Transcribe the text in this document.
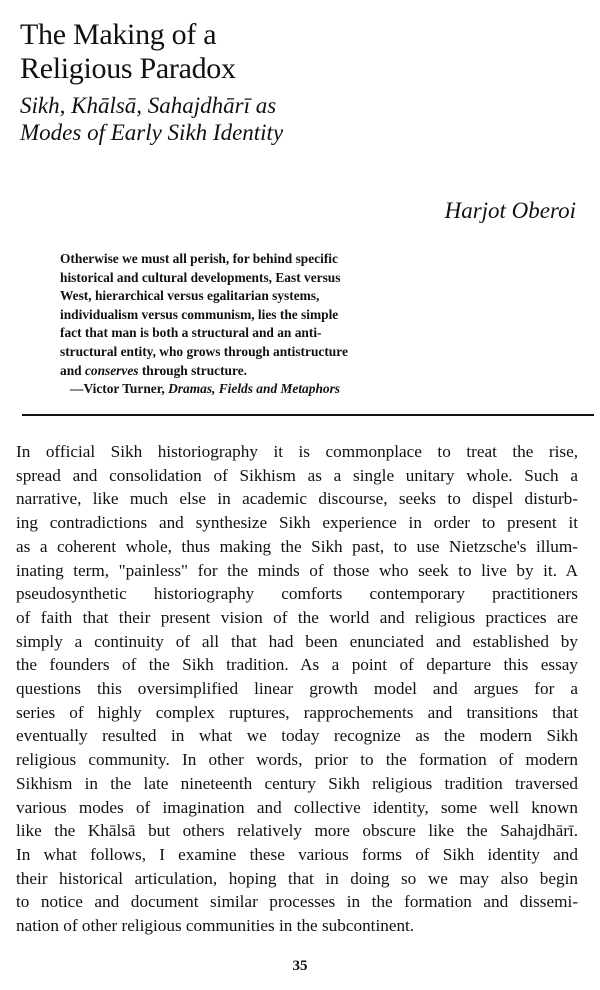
The Making of a
Religious Paradox
Sikh, Khālsā, Sahajdhārī as
Modes of Early Sikh Identity
Harjot Oberoi
Otherwise we must all perish, for behind specific
historical and cultural developments, East versus
West, hierarchical versus egalitarian systems,
individualism versus communism, lies the simple
fact that man is both a structural and an anti-
structural entity, who grows through antistructure
and conserves through structure.
—Victor Turner, Dramas, Fields and Metaphors
In official Sikh historiography it is commonplace to treat the rise,
spread and consolidation of Sikhism as a single unitary whole. Such a
narrative, like much else in academic discourse, seeks to dispel disturb-
ing contradictions and synthesize Sikh experience in order to present it
as a coherent whole, thus making the Sikh past, to use Nietzsche's illum-
inating term, "painless" for the minds of those who seek to live by it. A
pseudosynthetic historiography comforts contemporary practitioners
of faith that their present vision of the world and religious practices are
simply a continuity of all that had been enunciated and established by
the founders of the Sikh tradition. As a point of departure this essay
questions this oversimplified linear growth model and argues for a
series of highly complex ruptures, rapprochements and transitions that
eventually resulted in what we today recognize as the modern Sikh
religious community. In other words, prior to the formation of modern
Sikhism in the late nineteenth century Sikh religious tradition traversed
various modes of imagination and collective identity, some well known
like the Khālsā but others relatively more obscure like the Sahajdhārī.
In what follows, I examine these various forms of Sikh identity and
their historical articulation, hoping that in doing so we may also begin
to notice and document similar processes in the formation and dissemi-
nation of other religious communities in the subcontinent.
35
